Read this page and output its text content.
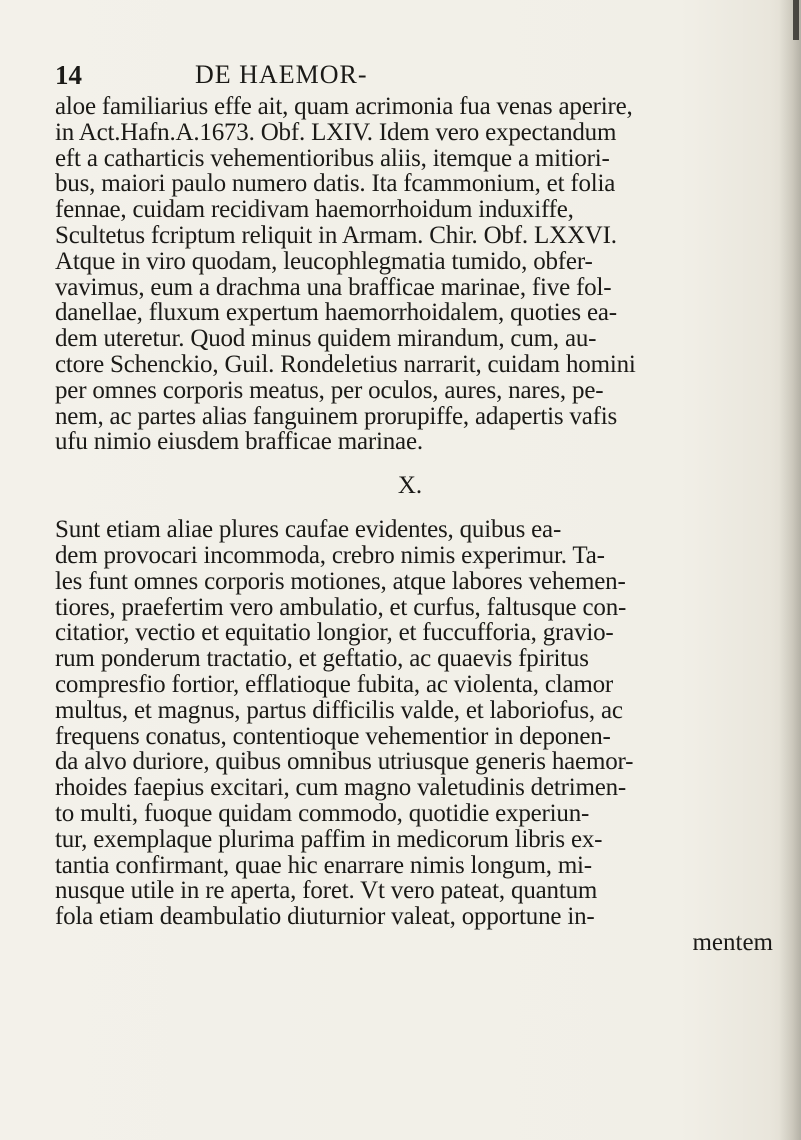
14	DE HAEMOR-
aloe familiarius effe ait, quam acrimonia fua venas aperire,
in Act.Hafn.A.1673. Obf. LXIV. Idem vero expectandum
eft a catharticis vehementioribus aliis, itemque a mitiori-
bus, maiori paulo numero datis. Ita fcammonium, et folia
fennae, cuidam recidivam haemorrhoidum induxiffe,
Scultetus fcriptum reliquit in Armam. Chir. Obf. LXXVI.
Atque in viro quodam, leucophlegmatia tumido, obfer-
vavimus, eum a drachma una brafficae marinae, five fol-
danellae, fluxum expertum haemorrhoidalem, quoties ea-
dem uteretur. Quod minus quidem mirandum, cum, au-
ctore Schenckio, Guil. Rondeletius narrarit, cuidam homini
per omnes corporis meatus, per oculos, aures, nares, pe-
nem, ac partes alias fanguinem prorupiffe, adapertis vafis
ufu nimio eiusdem brafficae marinae.
X.
Sunt etiam aliae plures caufae evidentes, quibus ea-
dem provocari incommoda, crebro nimis experimur. Ta-
les funt omnes corporis motiones, atque labores vehemen-
tiores, praefertim vero ambulatio, et curfus, faltusque con-
citatior, vectio et equitatio longior, et fuccufforia, gravio-
rum ponderum tractatio, et geftatio, ac quaevis fpiritus
compresfio fortior, efflatioque fubita, ac violenta, clamor
multus, et magnus, partus difficilis valde, et laboriofus, ac
frequens conatus, contentioque vehementior in deponen-
da alvo duriore, quibus omnibus utriusque generis haemor-
rhoides faepius excitari, cum magno valetudinis detrimen-
to multi, fuoque quidam commodo, quotidie experiun-
tur, exemplaque plurima paffim in medicorum libris ex-
tantia confirmant, quae hic enarrare nimis longum, mi-
nusque utile in re aperta, foret. Vt vero pateat, quantum
fola etiam deambulatio diuturnior valeat, opportune in-
mentem
